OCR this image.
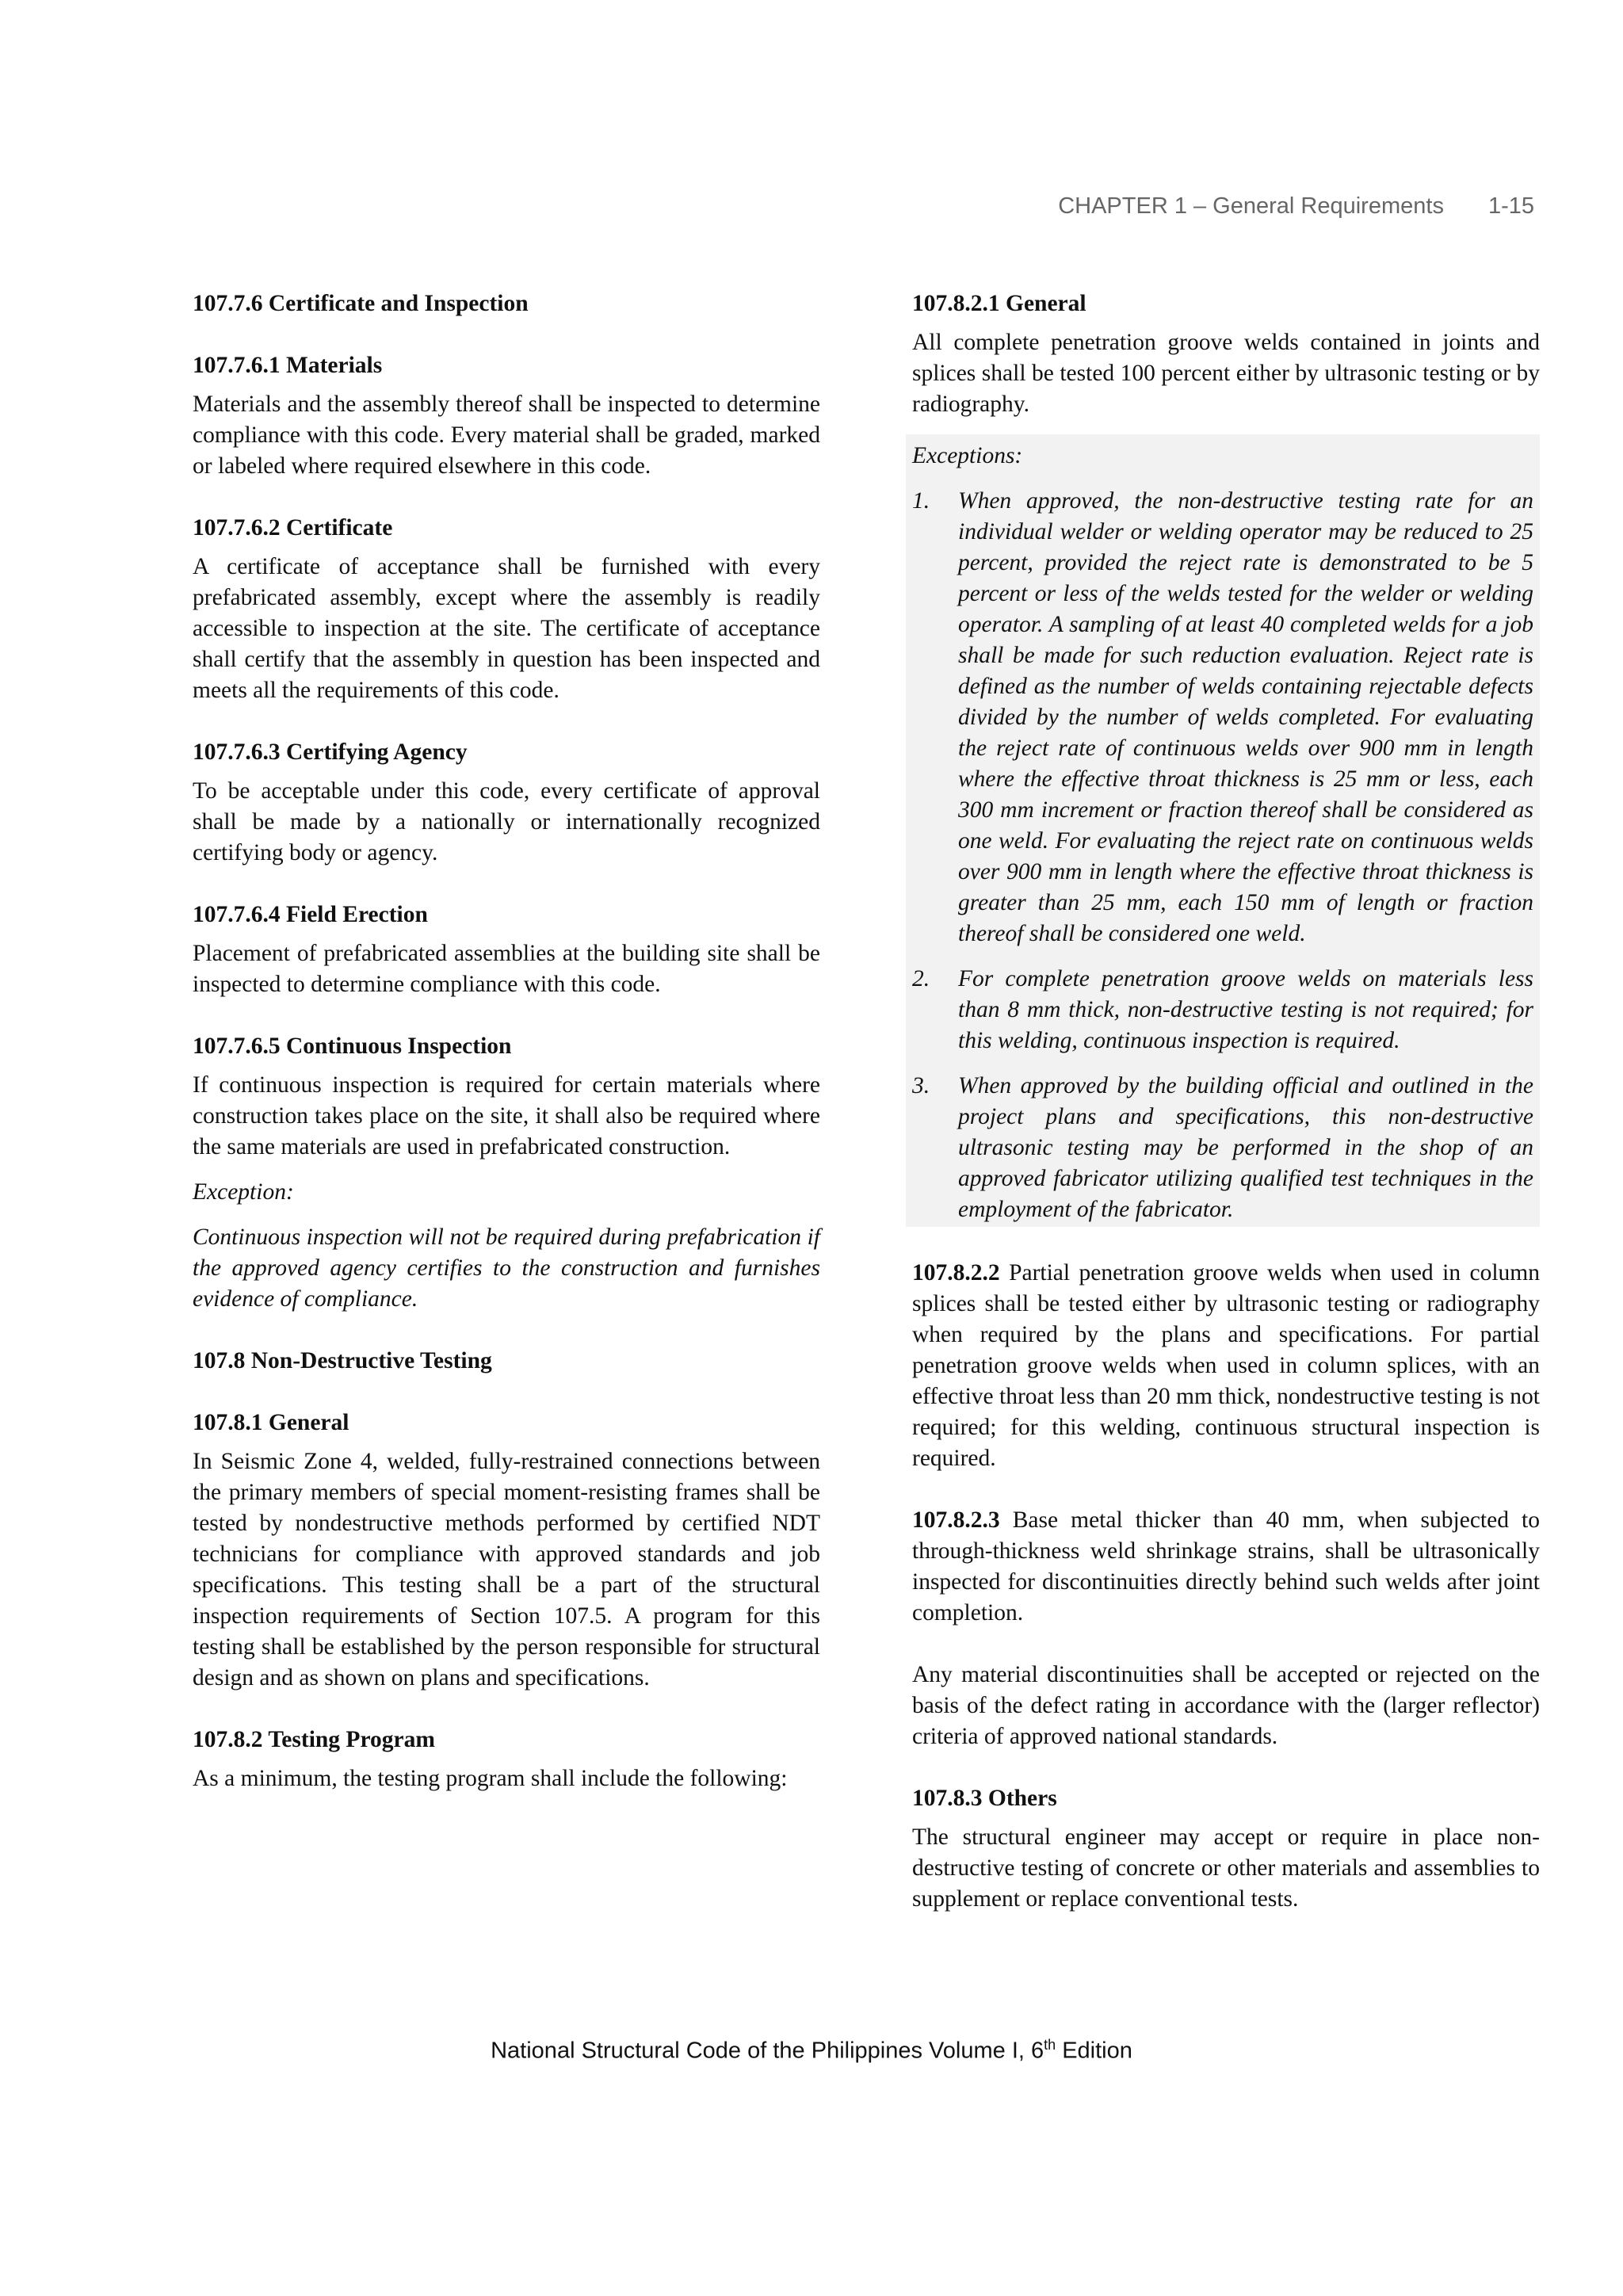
CHAPTER 1 – General Requirements 1-15
107.7.6 Certificate and Inspection
107.7.6.1 Materials

Materials and the assembly thereof shall be inspected to determine compliance with this code. Every material shall be graded, marked or labeled where required elsewhere in this code.

107.7.6.2 Certificate

A certificate of acceptance shall be furnished with every prefabricated assembly, except where the assembly is readily accessible to inspection at the site. The certificate of acceptance shall certify that the assembly in question has been inspected and meets all the requirements of this code.

107.7.6.3 Certifying Agency

To be acceptable under this code, every certificate of approval shall be made by a nationally or internationally recognized certifying body or agency.

107.7.6.4 Field Erection

Placement of prefabricated assemblies at the building site shall be inspected to determine compliance with this code.

107.7.6.5 Continuous Inspection

If continuous inspection is required for certain materials where construction takes place on the site, it shall also be required where the same materials are used in prefabricated construction.

Exception:

Continuous inspection will not be required during prefabrication if the approved agency certifies to the construction and furnishes evidence of compliance.

107.8 Non-Destructive Testing
107.8.1 General

In Seismic Zone 4, welded, fully-restrained connections between the primary members of special moment-resisting frames shall be tested by nondestructive methods performed by certified NDT technicians for compliance with approved standards and job specifications. This testing shall be a part of the structural inspection requirements of Section 107.5. A program for this testing shall be established by the person responsible for structural design and as shown on plans and specifications.

107.8.2 Testing Program

As a minimum, the testing program shall include the following:

107.8.2.1 General

All complete penetration groove welds contained in joints and splices shall be tested 100 percent either by ultrasonic testing or by radiography.

Exceptions:

1.	When approved, the non-destructive testing rate for an individual welder or welding operator may be reduced to 25 percent, provided the reject rate is demonstrated to be 5 percent or less of the welds tested for the welder or welding operator. A sampling of at least 40 completed welds for a job shall be made for such reduction evaluation. Reject rate is defined as the number of welds containing rejectable defects divided by the number of welds completed. For evaluating the reject rate of continuous welds over 900 mm in length where the effective throat thickness is 25 mm or less, each 300 mm increment or fraction thereof shall be considered as one weld. For evaluating the reject rate on continuous welds over 900 mm in length where the effective throat thickness is greater than 25 mm, each 150 mm of length or fraction thereof shall be considered one weld.
2.	For complete penetration groove welds on materials less than 8 mm thick, non-destructive testing is not required; for this welding, continuous inspection is required.
3.	When approved by the building official and outlined in the project plans and specifications, this non-destructive ultrasonic testing may be performed in the shop of an approved fabricator utilizing qualified test techniques in the employment of the fabricator.

107.8.2.2 Partial penetration groove welds when used in column splices shall be tested either by ultrasonic testing or radiography when required by the plans and specifications. For partial penetration groove welds when used in column splices, with an effective throat less than 20 mm thick, nondestructive testing is not required; for this welding, continuous structural inspection is required.

107.8.2.3 Base metal thicker than 40 mm, when subjected to through-thickness weld shrinkage strains, shall be ultrasonically inspected for discontinuities directly behind such welds after joint completion.

Any material discontinuities shall be accepted or rejected on the basis of the defect rating in accordance with the (larger reflector) criteria of approved national standards.

107.8.3 Others

The structural engineer may accept or require in place non-destructive testing of concrete or other materials and assemblies to supplement or replace conventional tests.

National Structural Code of the Philippines Volume I, 6th Edition
